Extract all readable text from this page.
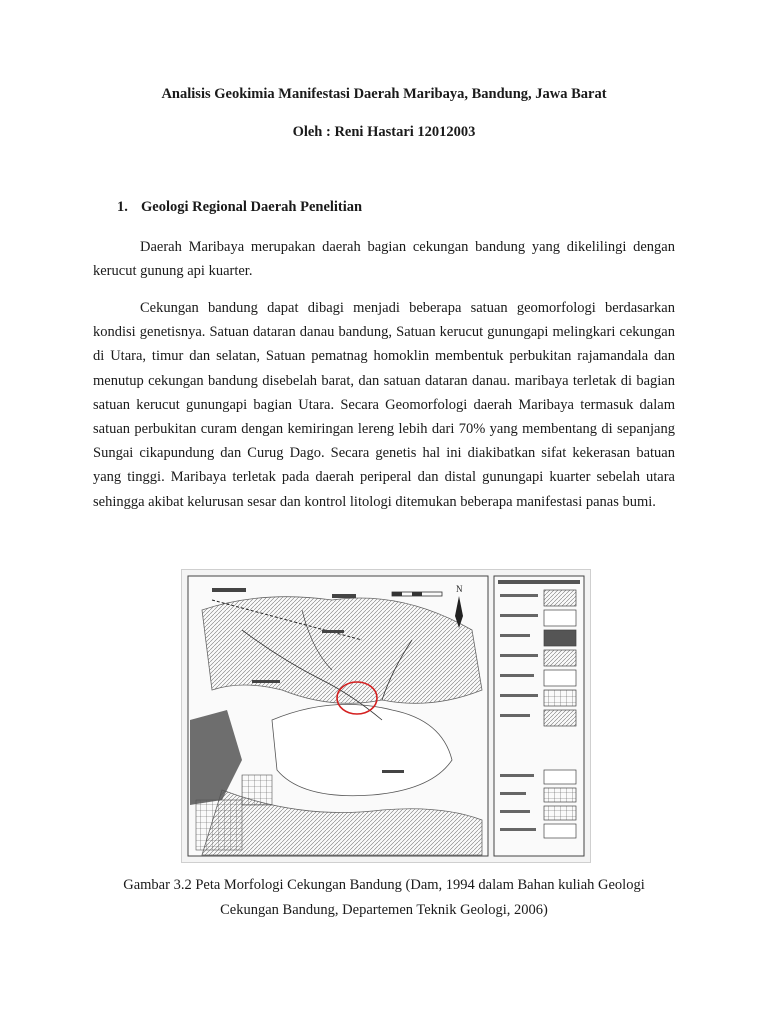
Analisis Geokimia Manifestasi Daerah Maribaya, Bandung, Jawa Barat
Oleh : Reni Hastari 12012003
1. Geologi Regional Daerah Penelitian
Daerah Maribaya merupakan daerah bagian cekungan bandung yang dikelilingi dengan kerucut gunung api kuarter.
Cekungan bandung dapat dibagi menjadi beberapa satuan geomorfologi berdasarkan kondisi genetisnya. Satuan dataran danau bandung, Satuan kerucut gunungapi melingkari cekungan di Utara, timur dan selatan, Satuan pematnag homoklin membentuk perbukitan rajamandala dan menutup cekungan bandung disebelah barat, dan satuan dataran danau. maribaya terletak di bagian satuan kerucut gunungapi bagian Utara. Secara Geomorfologi daerah Maribaya termasuk dalam satuan perbukitan curam dengan kemiringan lereng lebih dari 70% yang membentang di sepanjang Sungai cikapundung dan Curug Dago. Secara genetis hal ini diakibatkan sifat kekerasan batuan yang tinggi. Maribaya terletak pada daerah periperal dan distal gunungapi kuarter sebelah utara sehingga akibat kelurusan sesar dan kontrol litologi ditemukan beberapa manifestasi panas bumi.
N
Gambar 3.2 Peta Morfologi Cekungan Bandung (Dam, 1994 dalam Bahan kuliah Geologi Cekungan Bandung, Departemen Teknik Geologi, 2006)
